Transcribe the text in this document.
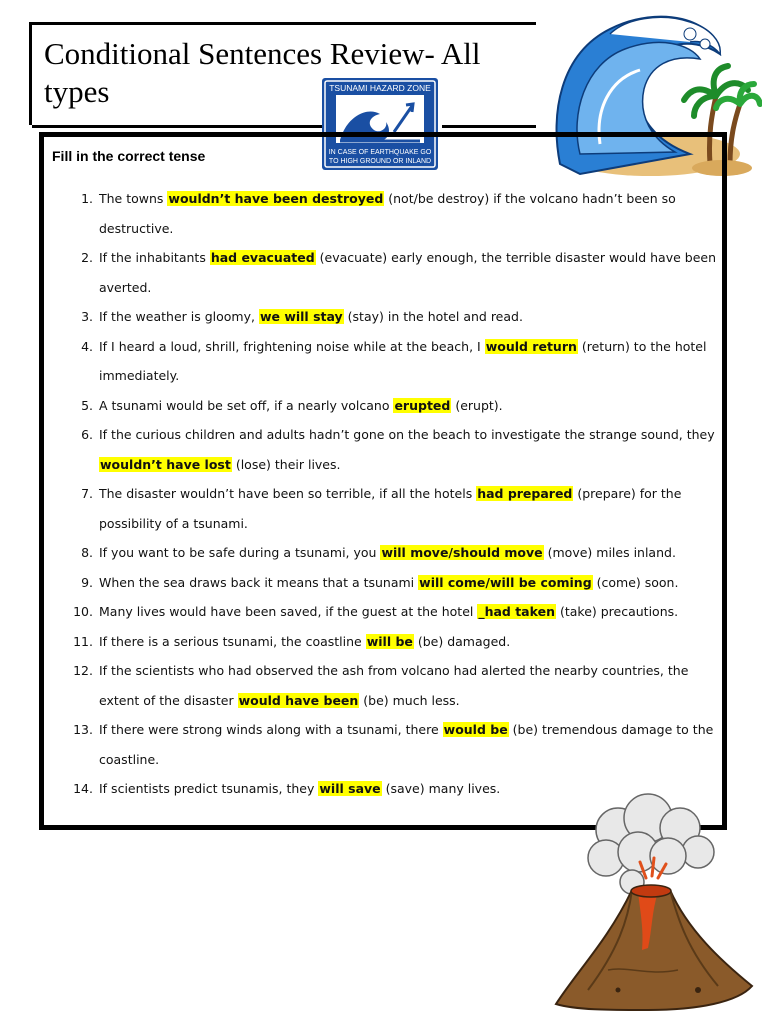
Conditional Sentences Review- All types	TSUNAMI HAZARD ZONE
IN CASE OF EARTHQUAKE GO
TO HIGH GROUND OR INLAND
Fill in the correct tense
1. The towns wouldn’t have been destroyed (not/be destroy) if the volcano hadn’t been so destructive.
2. If the inhabitants had evacuated (evacuate) early enough, the terrible disaster would have been averted.
3. If the weather is gloomy, we will stay (stay) in the hotel and read.
4. If I heard a loud, shrill, frightening noise while at the beach, I would return (return) to the hotel immediately.
5. A tsunami would be set off, if a nearly volcano erupted (erupt).
6. If the curious children and adults hadn’t gone on the beach to investigate the strange sound, they wouldn’t have lost (lose) their lives.
7. The disaster wouldn’t have been so terrible, if all the hotels had prepared (prepare) for the possibility of a tsunami.
8. If you want to be safe during a tsunami, you will move/should move (move) miles inland.
9. When the sea draws back it means that a tsunami will come/will be coming (come) soon.
10. Many lives would have been saved, if the guest at the hotel _had taken (take) precautions.
11. If there is a serious tsunami, the coastline will be (be) damaged.
12. If the scientists who had observed the ash from volcano had alerted the nearby countries, the extent of the disaster would have been (be) much less.
13. If there were strong winds along with a tsunami, there would be (be) tremendous damage to the coastline.
14. If scientists predict tsunamis, they will save (save) many lives.
